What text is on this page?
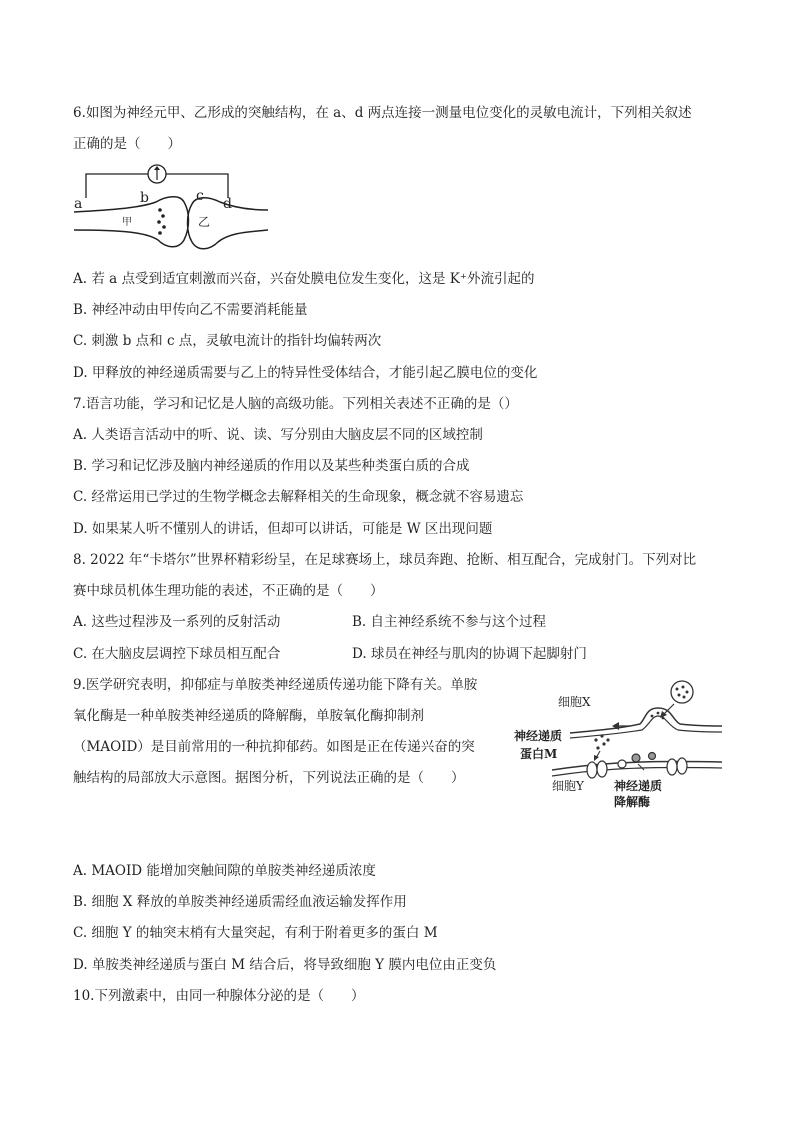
6.如图为神经元甲、乙形成的突触结构，在 a、d 两点连接一测量电位变化的灵敏电流计，下列相关叙述
正确的是（　　）
a	b	c d
甲	乙
A. 若 a 点受到适宜刺激而兴奋，兴奋处膜电位发生变化，这是 K⁺外流引起的
B. 神经冲动由甲传向乙不需要消耗能量
C. 刺激 b 点和 c 点，灵敏电流计的指针均偏转两次
D. 甲释放的神经递质需要与乙上的特异性受体结合，才能引起乙膜电位的变化
7.语言功能，学习和记忆是人脑的高级功能。下列相关表述不正确的是（）
A. 人类语言活动中的听、说、读、写分别由大脑皮层不同的区域控制
B. 学习和记忆涉及脑内神经递质的作用以及某些种类蛋白质的合成
C. 经常运用已学过的生物学概念去解释相关的生命现象，概念就不容易遗忘
D. 如果某人听不懂别人的讲话，但却可以讲话，可能是 W 区出现问题
8. 2022 年“卡塔尔”世界杯精彩纷呈，在足球赛场上，球员奔跑、抢断、相互配合，完成射门。下列对比
赛中球员机体生理功能的表述，不正确的是（　　）
A. 这些过程涉及一系列的反射活动	B. 自主神经系统不参与这个过程
C. 在大脑皮层调控下球员相互配合	D. 球员在神经与肌肉的协调下起脚射门
9.医学研究表明，抑郁症与单胺类神经递质传递功能下降有关。单胺
氧化酶是一种单胺类神经递质的降解酶，单胺氧化酶抑制剂
（MAOID）是目前常用的一种抗抑郁药。如图是正在传递兴奋的突
触结构的局部放大示意图。据图分析，下列说法正确的是（　　）
细胞X
神经递质
蛋白M
细胞Y	神经递质
降解酶
A. MAOID 能增加突触间隙的单胺类神经递质浓度
B. 细胞 X 释放的单胺类神经递质需经血液运输发挥作用
C. 细胞 Y 的轴突末梢有大量突起，有利于附着更多的蛋白 M
D. 单胺类神经递质与蛋白 M 结合后，将导致细胞 Y 膜内电位由正变负
10.下列激素中，由同一种腺体分泌的是（　　）
